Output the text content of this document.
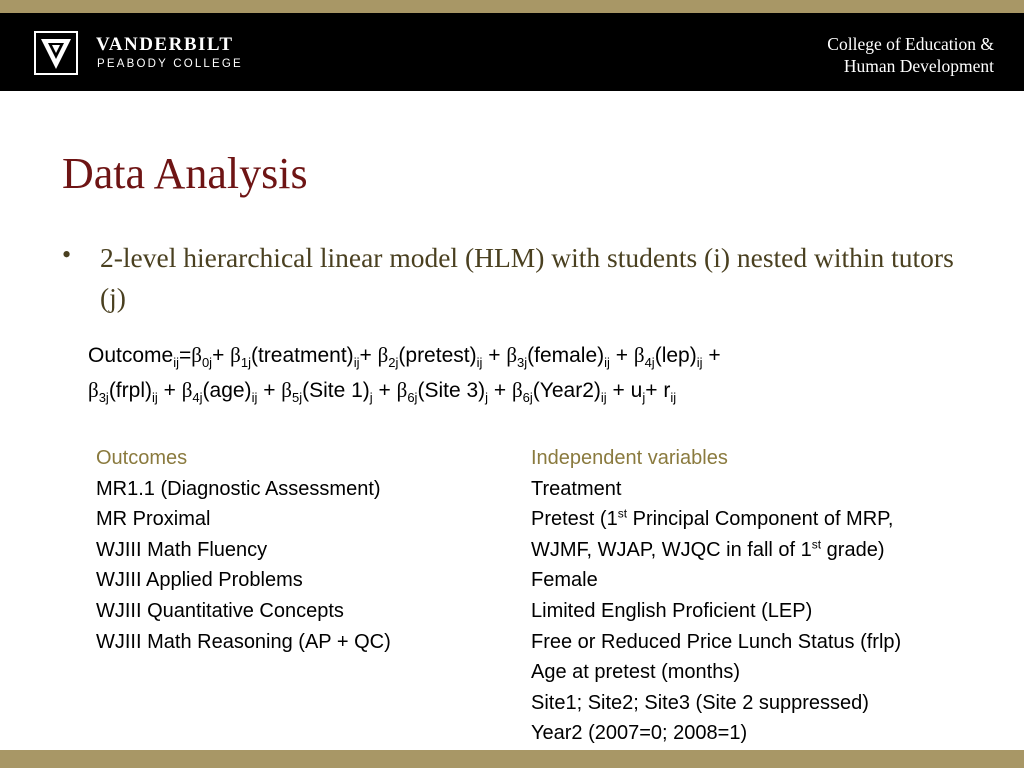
VANDERBILT
PEABODY COLLEGE
College of Education &
Human Development
Data Analysis
• 2-level hierarchical linear model (HLM) with students (i) nested within tutors (j)
$Outcome_{ij}=\beta_{0j}+$ $\beta_{1j}(treatment)_{ij}+$ $\beta_{2j}(pretest)_{ij}$ + $\beta_{3j}(female)_{ij} + \beta_{4j}(lep)_{ij}$ +
$\beta_{3j}(frpl)_{ij} + \beta_{4j}(age)_{ij}$ + $\beta_{5j}(Site$ $1)_j$ + $\beta_{6j}(Site$ $3)_j$ + $\beta_{6j}(Year2)_{ij} + u_j+ r_{ij}$
Outcomes
MR1.1 (Diagnostic Assessment)
MR Proximal
WJIII Math Fluency
WJIII Applied Problems
WJIII Quantitative Concepts
WJIII Math Reasoning (AP + QC)
Independent variables
Treatment
Pretest (1st Principal Component of MRP,
WJMF, WJAP, WJQC in fall of 1st grade)
Female
Limited English Proficient (LEP)
Free or Reduced Price Lunch Status (frlp)
Age at pretest (months)
Site1; Site2; Site3 (Site 2 suppressed)
Year2 (2007=0; 2008=1)
